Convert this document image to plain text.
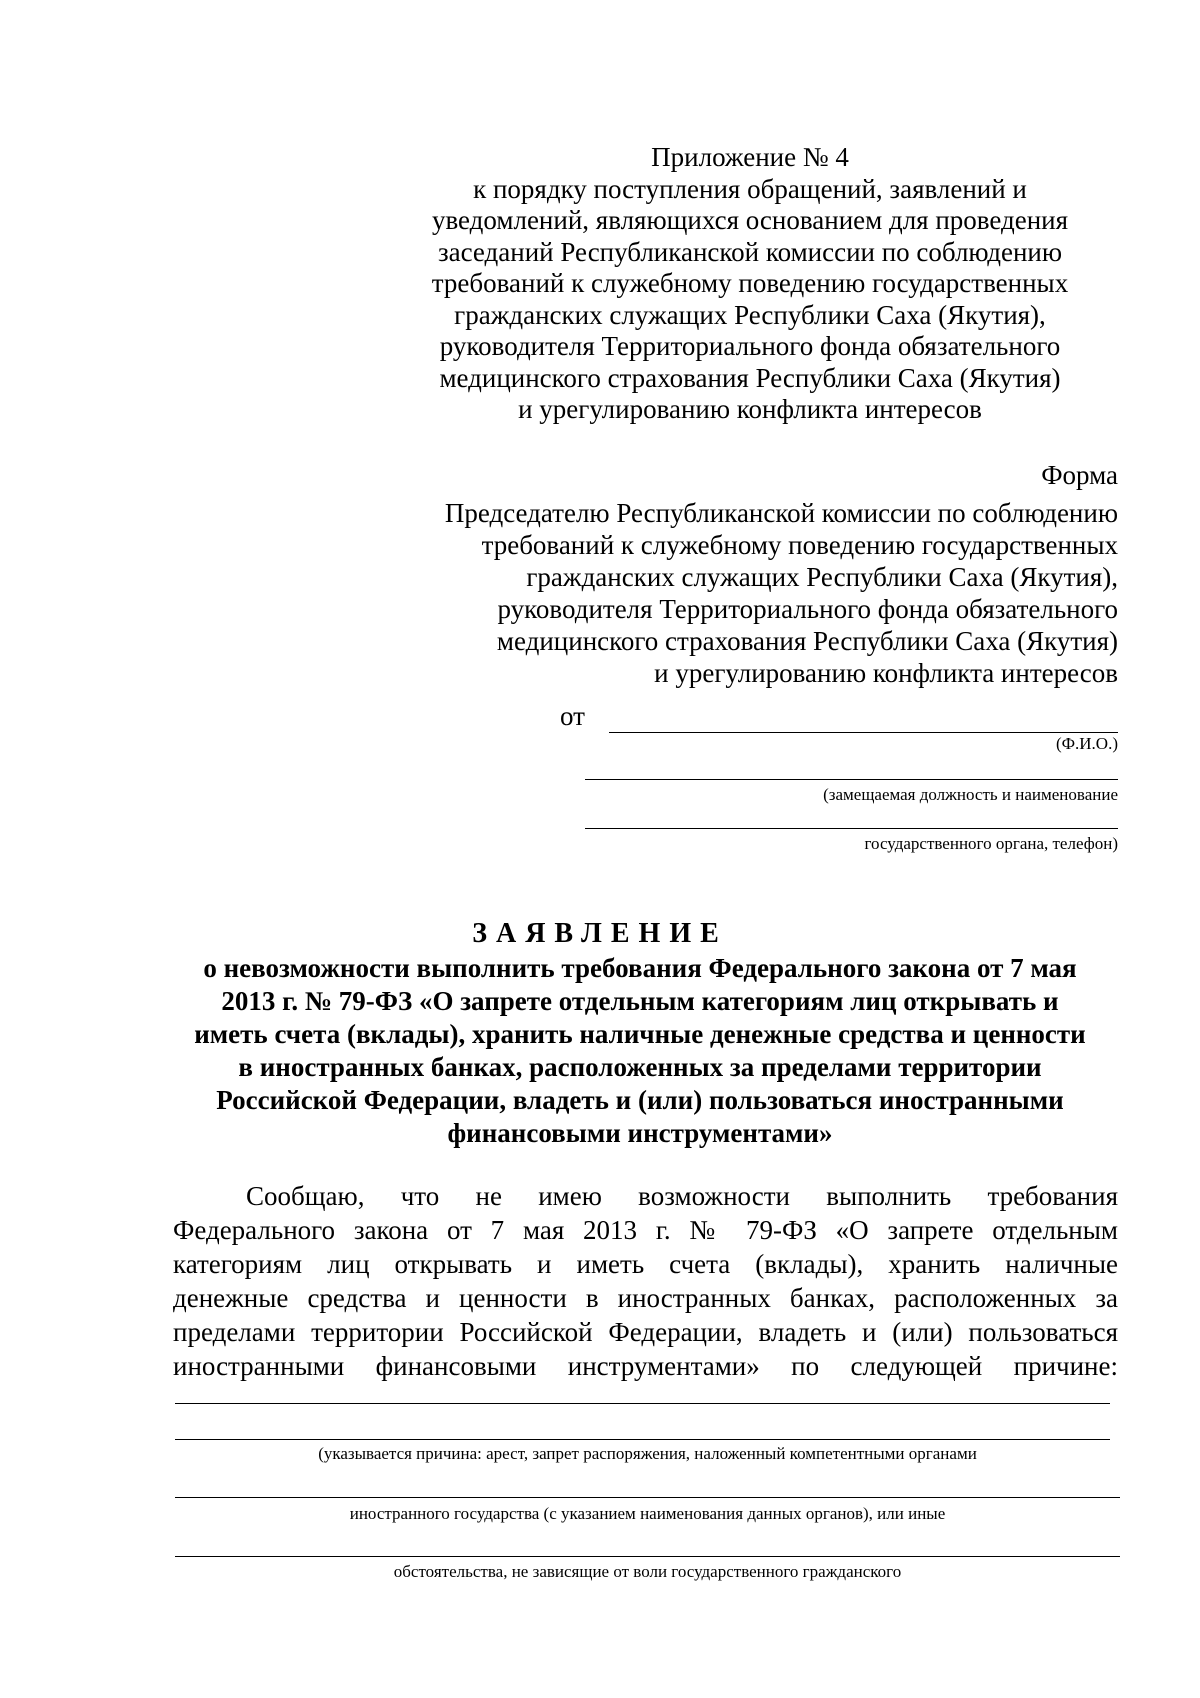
Приложение № 4
к порядку поступления обращений, заявлений и
уведомлений, являющихся основанием для проведения
заседаний Республиканской комиссии по соблюдению
требований к служебному поведению государственных
гражданских служащих Республики Саха (Якутия),
руководителя Территориального фонда обязательного
медицинского страхования Республики Саха (Якутия)
и урегулированию конфликта интересов
Форма
Председателю Республиканской комиссии по соблюдению
требований к служебному поведению государственных
гражданских служащих Республики Саха (Якутия),
руководителя Территориального фонда обязательного
медицинского страхования Республики Саха (Якутия)
и урегулированию конфликта интересов
от
(Ф.И.О.)
(замещаемая должность и наименование
государственного органа, телефон)
ЗАЯВЛЕНИЕ
о невозможности выполнить требования Федерального закона от 7 мая
2013 г. № 79-ФЗ «О запрете отдельным категориям лиц открывать и
иметь счета (вклады), хранить наличные денежные средства и ценности
в иностранных банках, расположенных за пределами территории
Российской Федерации, владеть и (или) пользоваться иностранными
финансовыми инструментами»
Сообщаю, что не имею возможности выполнить требования
Федерального закона от 7 мая 2013 г. № 79-ФЗ «О запрете отдельным
категориям лиц открывать и иметь счета (вклады), хранить наличные
денежные средства и ценности в иностранных банках, расположенных за
пределами территории Российской Федерации, владеть и (или) пользоваться
иностранными финансовыми инструментами» по следующей причине:
(указывается причина: арест, запрет распоряжения, наложенный компетентными органами
иностранного государства (с указанием наименования данных органов), или иные
обстоятельства, не зависящие от воли государственного гражданского
